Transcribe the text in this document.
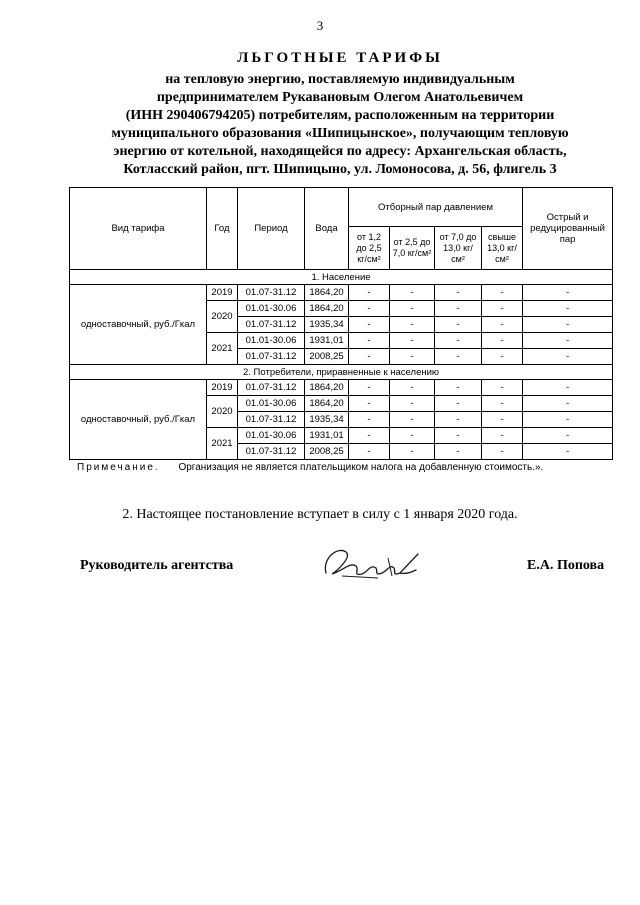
3
ЛЬГОТНЫЕ ТАРИФЫ
на тепловую энергию, поставляемую индивидуальным
предпринимателем Рукавановым Олегом Анатольевичем
(ИНН 290406794205) потребителям, расположенным на территории
муниципального образования «Шипицынское», получающим тепловую
энергию от котельной, находящейся по адресу: Архангельская область,
Котласский район, пгт. Шипицыно, ул. Ломоносова, д. 56, флигель 3
Вид тарифа	Год	Период	Вода	Отборный пар давлением				Острый и редуцированный пар
				от 1,2 до 2,5 кг/см²	от 2,5 до 7,0 кг/см²	от 7,0 до 13,0 кг/см²	свыше 13,0 кг/см²	
1. Население								
одноставочный, руб./Гкал	2019	01.07-31.12	1864,20	-	-	-	-	-
	2020	01.01-30.06	1864,20	-	-	-	-	-
		01.07-31.12	1935,34	-	-	-	-	-
	2021	01.01-30.06	1931,01	-	-	-	-	-
		01.07-31.12	2008,25	-	-	-	-	-
2. Потребители, приравненные к населению								
одноставочный, руб./Гкал	2019	01.07-31.12	1864,20	-	-	-	-	-
	2020	01.01-30.06	1864,20	-	-	-	-	-
		01.07-31.12	1935,34	-	-	-	-	-
	2021	01.01-30.06	1931,01	-	-	-	-	-
		01.07-31.12	2008,25	-	-	-	-	-
Примечание. Организация не является плательщиком налога на добавленную стоимость.».
2. Настоящее постановление вступает в силу с 1 января 2020 года.
Руководитель агентства	Е.А. Попова
